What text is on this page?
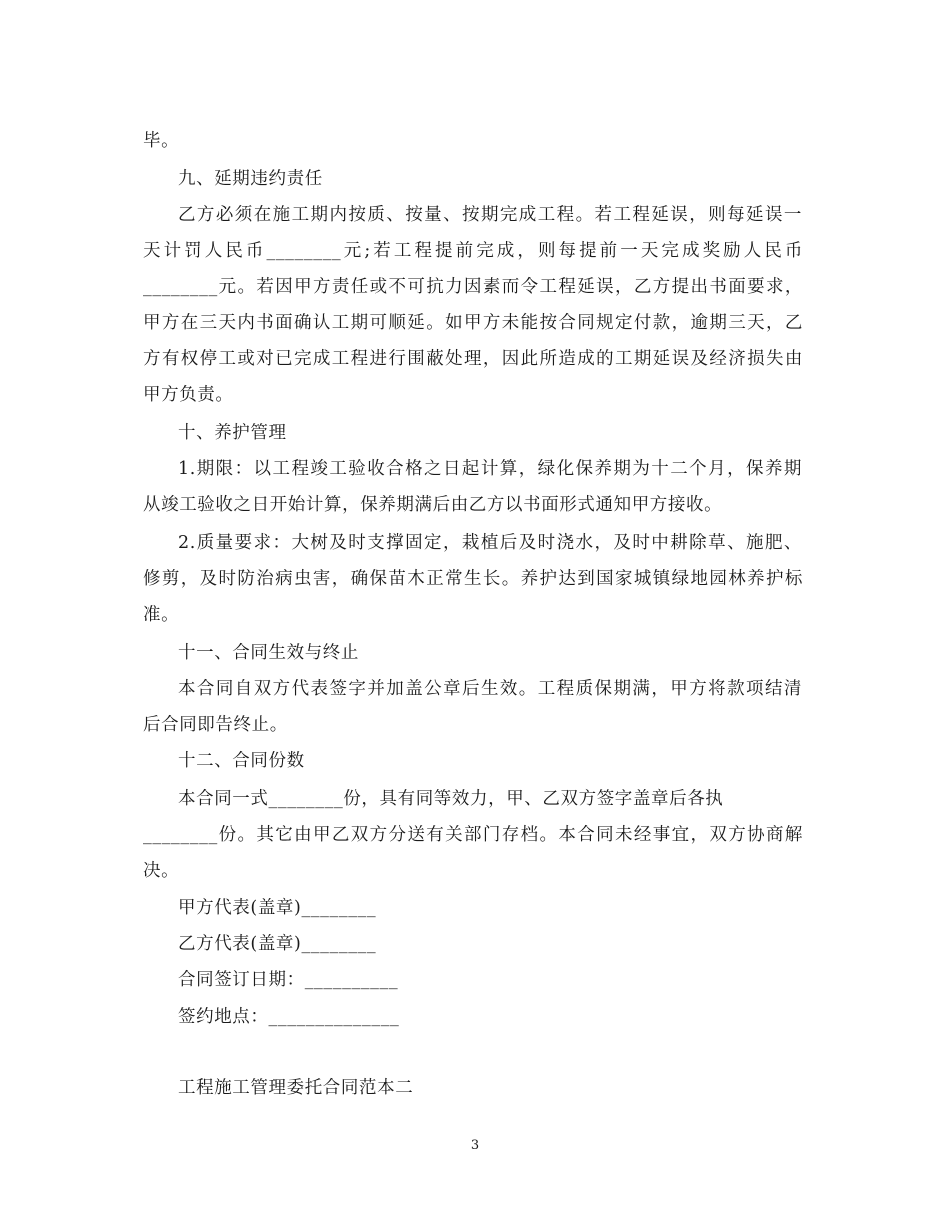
毕。
九、延期违约责任
乙方必须在施工期内按质、按量、按期完成工程。若工程延误，则每延误一
天计罚人民币________元;若工程提前完成，则每提前一天完成奖励人民币
________元。若因甲方责任或不可抗力因素而令工程延误，乙方提出书面要求，
甲方在三天内书面确认工期可顺延。如甲方未能按合同规定付款，逾期三天，乙
方有权停工或对已完成工程进行围蔽处理，因此所造成的工期延误及经济损失由
甲方负责。
十、养护管理
1.期限：以工程竣工验收合格之日起计算，绿化保养期为十二个月，保养期
从竣工验收之日开始计算，保养期满后由乙方以书面形式通知甲方接收。
2.质量要求：大树及时支撑固定，栽植后及时浇水，及时中耕除草、施肥、
修剪，及时防治病虫害，确保苗木正常生长。养护达到国家城镇绿地园林养护标
准。
十一、合同生效与终止
本合同自双方代表签字并加盖公章后生效。工程质保期满，甲方将款项结清
后合同即告终止。
十二、合同份数
本合同一式________份，具有同等效力，甲、乙双方签字盖章后各执
________份。其它由甲乙双方分送有关部门存档。本合同未经事宜，双方协商解
决。
甲方代表(盖章)________
乙方代表(盖章)________
合同签订日期：__________
签约地点：______________
工程施工管理委托合同范本二
3
